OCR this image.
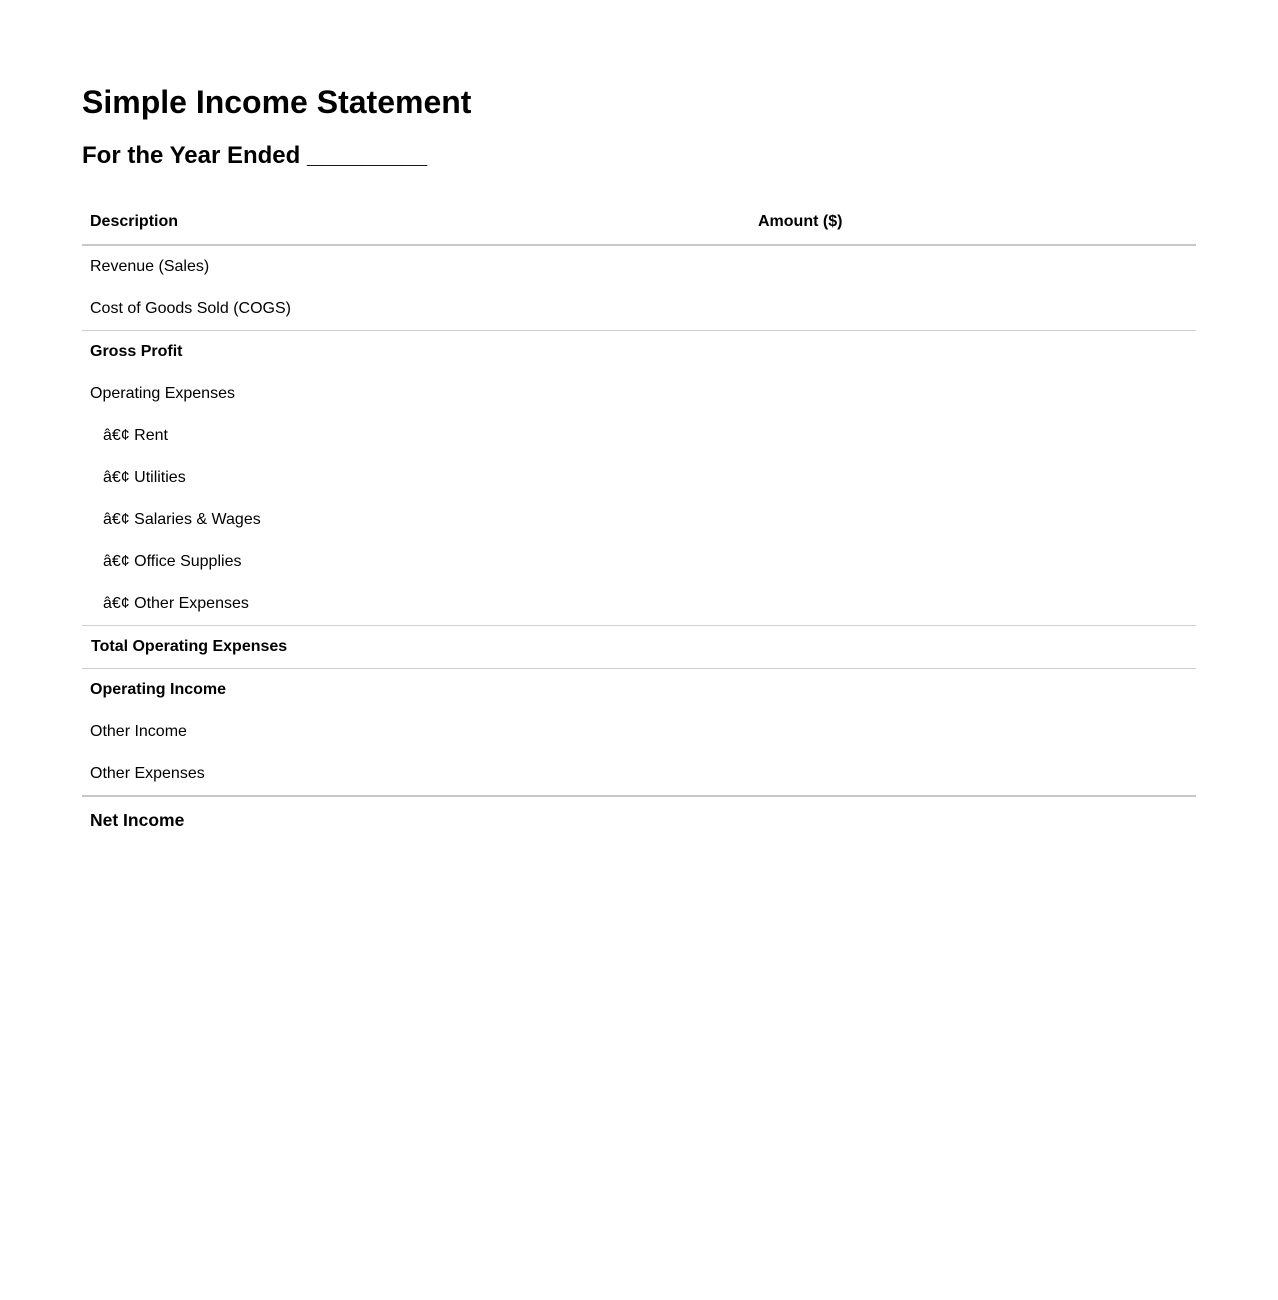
Simple Income Statement
For the Year Ended _________
Description	Amount ($)
Revenue (Sales)
Cost of Goods Sold (COGS)
Gross Profit
Operating Expenses
â€¢ Rent
â€¢ Utilities
â€¢ Salaries & Wages
â€¢ Office Supplies
â€¢ Other Expenses
Total Operating Expenses
Operating Income
Other Income
Other Expenses
Net Income
